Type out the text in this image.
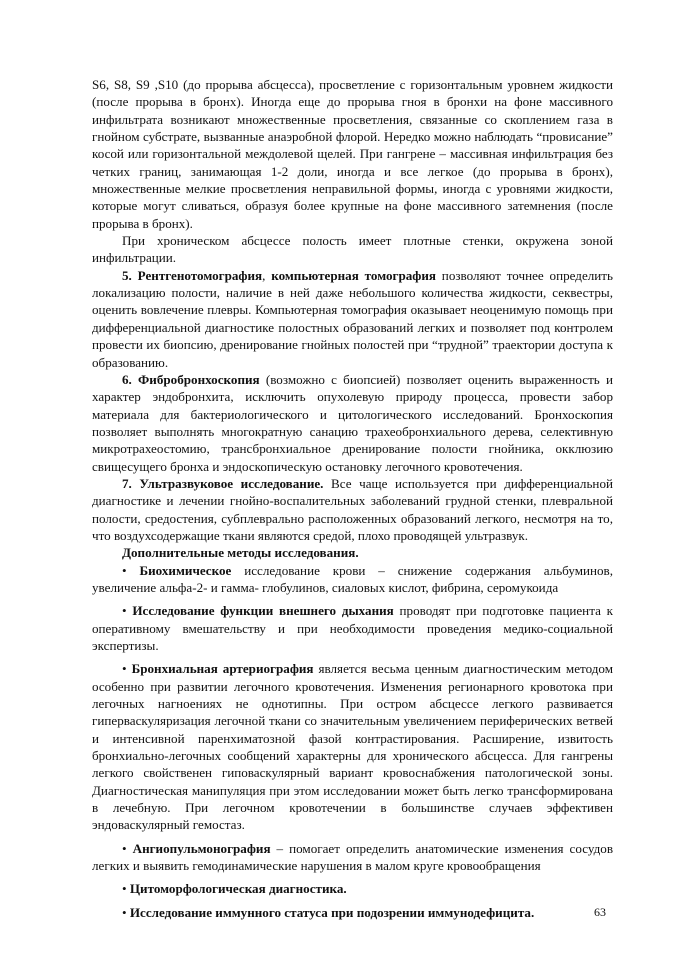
S6, S8, S9 ,S10 (до прорыва абсцесса), просветление с горизонтальным уровнем жидкости (после прорыва в бронх). Иногда еще до прорыва гноя в бронхи на фоне массивного инфильтрата возникают множественные просветления, связанные со скоплением газа в гнойном субстрате, вызванные анаэробной флорой. Нередко можно наблюдать “провисание” косой или горизонтальной междолевой щелей. При гангрене – массивная инфильтрация без четких границ, занимающая 1-2 доли, иногда и все легкое (до прорыва в бронх), множественные мелкие просветления неправильной формы, иногда с уровнями жидкости, которые могут сливаться, образуя более крупные на фоне массивного затемнения (после прорыва в бронх).

При хроническом абсцессе полость имеет плотные стенки, окружена зоной инфильтрации.

5. Рентгенотомография, компьютерная томография позволяют точнее определить локализацию полости, наличие в ней даже небольшого количества жидкости, секвестры, оценить вовлечение плевры. Компьютерная томография оказывает неоценимую помощь при дифференциальной диагностике полостных образований легких и позволяет под контролем провести их биопсию, дренирование гнойных полостей при “трудной” траектории доступа к образованию.

6. Фибробронхоскопия (возможно с биопсией) позволяет оценить выраженность и характер эндобронхита, исключить опухолевую природу процесса, провести забор материала для бактериологического и цитологического исследований. Бронхоскопия позволяет выполнять многократную санацию трахеобронхиального дерева, селективную микротрахеостомию, трансбронхиальное дренирование полости гнойника, окклюзию свищесущего бронха и эндоскопическую остановку легочного кровотечения.

7. Ультразвуковое исследование. Все чаще используется при дифференциальной диагностике и лечении гнойно-воспалительных заболеваний грудной стенки, плевральной полости, средостения, субплеврально расположенных образований легкого, несмотря на то, что воздухсодержащие ткани являются средой, плохо проводящей ультразвук.

Дополнительные методы исследования.

• Биохимическое исследование крови – снижение содержания альбуминов, увеличение альфа-2- и гамма- глобулинов, сиаловых кислот, фибрина, серомукоида

• Исследование функции внешнего дыхания проводят при подготовке пациента к оперативному вмешательству и при необходимости проведения медико-социальной экспертизы.

• Бронхиальная артериография является весьма ценным диагностическим методом особенно при развитии легочного кровотечения. Изменения регионарного кровотока при легочных нагноениях не однотипны. При остром абсцессе легкого развивается гиперваскуляризация легочной ткани со значительным увеличением периферических ветвей и интенсивной паренхиматозной фазой контрастирования. Расширение, извитость бронхиально-легочных сообщений характерны для хронического абсцесса. Для гангрены легкого свойственен гиповаскулярный вариант кровоснабжения патологической зоны. Диагностическая манипуляция при этом исследовании может быть легко трансформирована в лечебную. При легочном кровотечении в большинстве случаев эффективен эндоваскулярный гемостаз.

• Ангиопульмонография – помогает определить анатомические изменения сосудов легких и выявить гемодинамические нарушения в малом круге кровообращения

• Цитоморфологическая диагностика.

• Исследование иммунного статуса при подозрении иммунодефицита.	63
